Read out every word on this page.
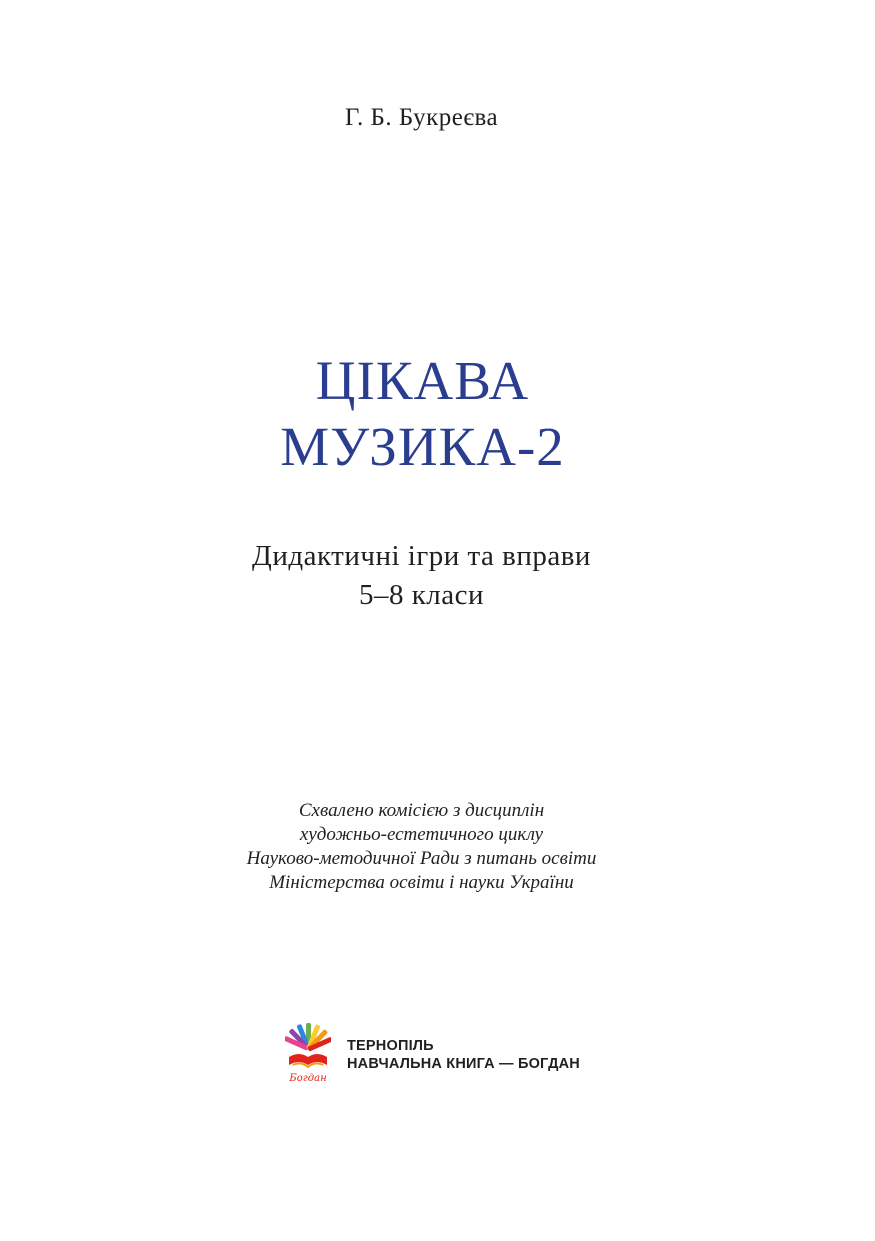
Г. Б. Букреєва
ЦІКАВА
МУЗИКА-2
Дидактичні ігри та вправи
5–8 класи
Схвалено комісією з дисциплін
художньо-естетичного циклу
Науково-методичної Ради з питань освіти
Міністерства освіти і науки України
Богдан
ТЕРНОПІЛЬ
НАВЧАЛЬНА КНИГА — БОГДАН
